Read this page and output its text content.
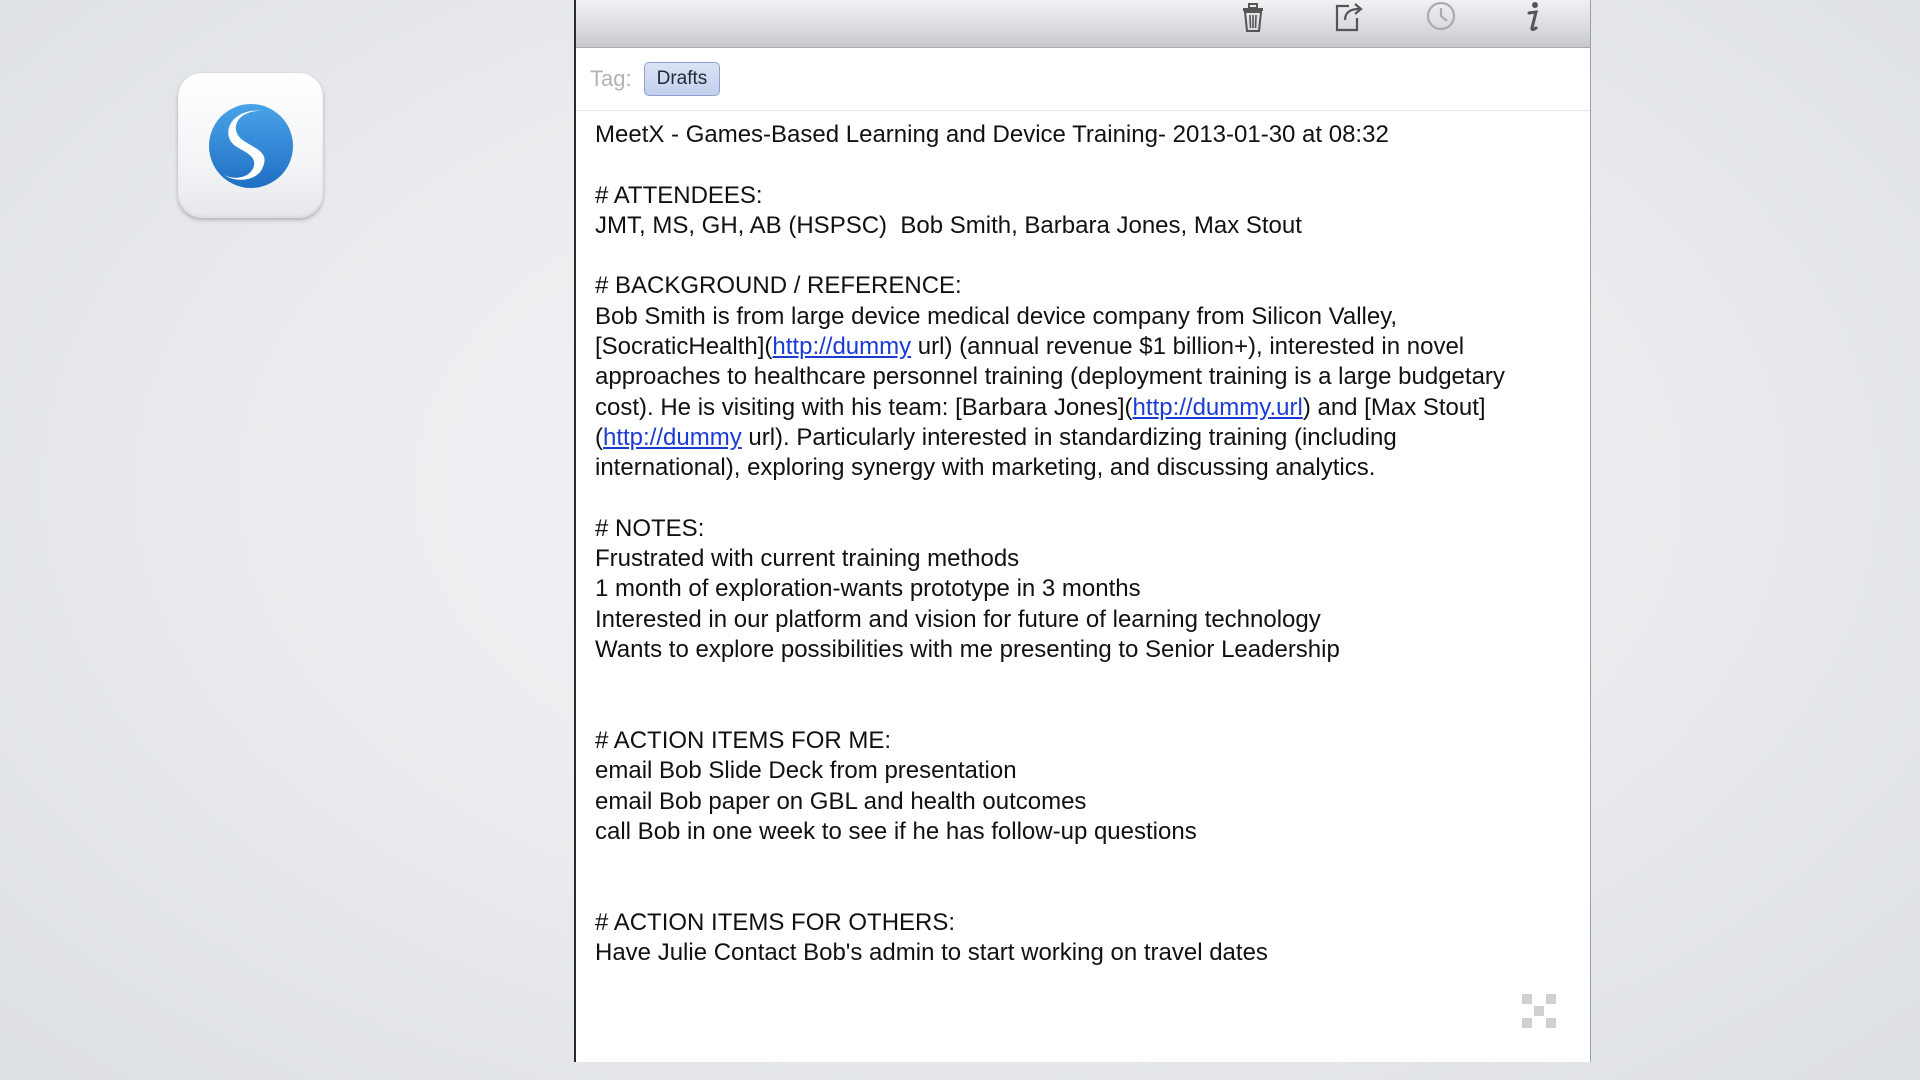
Tag:	Drafts
MeetX - Games-Based Learning and Device Training- 2013-01-30 at 08:32
# ATTENDEES:
JMT, MS, GH, AB (HSPSC)  Bob Smith, Barbara Jones, Max Stout
# BACKGROUND / REFERENCE:
Bob Smith is from large device medical device company from Silicon Valley,
[SocraticHealth](http://dummy url) (annual revenue $1 billion+), interested in novel
approaches to healthcare personnel training (deployment training is a large budgetary
cost). He is visiting with his team: [Barbara Jones](http://dummy.url) and [Max Stout]
(http://dummy url). Particularly interested in standardizing training (including
international), exploring synergy with marketing, and discussing analytics.
# NOTES:
Frustrated with current training methods
1 month of exploration-wants prototype in 3 months
Interested in our platform and vision for future of learning technology
Wants to explore possibilities with me presenting to Senior Leadership
# ACTION ITEMS FOR ME:
email Bob Slide Deck from presentation
email Bob paper on GBL and health outcomes
call Bob in one week to see if he has follow-up questions
# ACTION ITEMS FOR OTHERS:
Have Julie Contact Bob's admin to start working on travel dates
